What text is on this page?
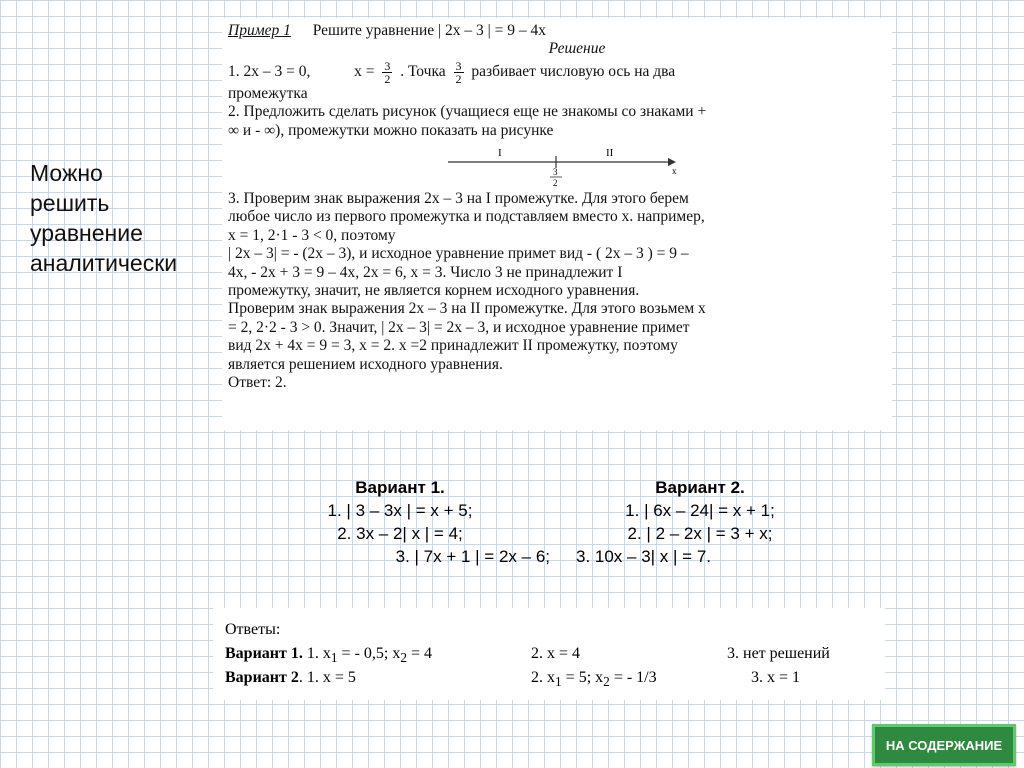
Можно
решить
уравнение
аналитически
Пример 1 Решите уравнение | 2х – 3 | = 9 – 4х
Решение
1. 2х – 3 = 0,	$х = \frac{3}{2}$ . Точка $\frac{3}{2}$ разбивает числовую ось на два
промежутка
2. Предложить сделать рисунок (учащиеся еще не знакомы со знаками +
∞ и - ∞), промежутки можно показать на рисунке
I	II
x
3
2
3. Проверим знак выражения 2х – 3 на I промежутке. Для этого берем
любое число из первого промежутка и подставляем вместо х. например,
х = 1, 2·1 - 3 < 0, поэтому
| 2х – 3| = - (2х – 3), и исходное уравнение примет вид - ( 2х – 3 ) = 9 –
4х, - 2х + 3 = 9 – 4х, 2х = 6, х = 3. Число 3 не принадлежит I
промежутку, значит, не является корнем исходного уравнения.
Проверим знак выражения 2х – 3 на II промежутке. Для этого возьмем х
= 2, 2·2 - 3 > 0. Значит, | 2х – 3| = 2х – 3, и исходное уравнение примет
вид 2х + 4х = 9 = 3, х = 2. х =2 принадлежит II промежутку, поэтому
является решением исходного уравнения.
Ответ: 2.
Вариант 1.
1. | 3 – 3х | = х + 5;
2. 3х – 2| х | = 4;
3. | 7х + 1 | = 2х – 6;
Вариант 2.
1. | 6х – 24| = х + 1;
2. | 2 – 2х | = 3 + х;
3. 10х – 3| х | = 7.
Ответы:
Вариант 1. 1. $х_1$ = - 0,5; $х_2 = 4$	2. х = 4	3. нет решений
Вариант 2. 1. х = 5	2. $х_1 = 5$; $х_2$ = - 1/3	3. х = 1
НА СОДЕРЖАНИЕ
